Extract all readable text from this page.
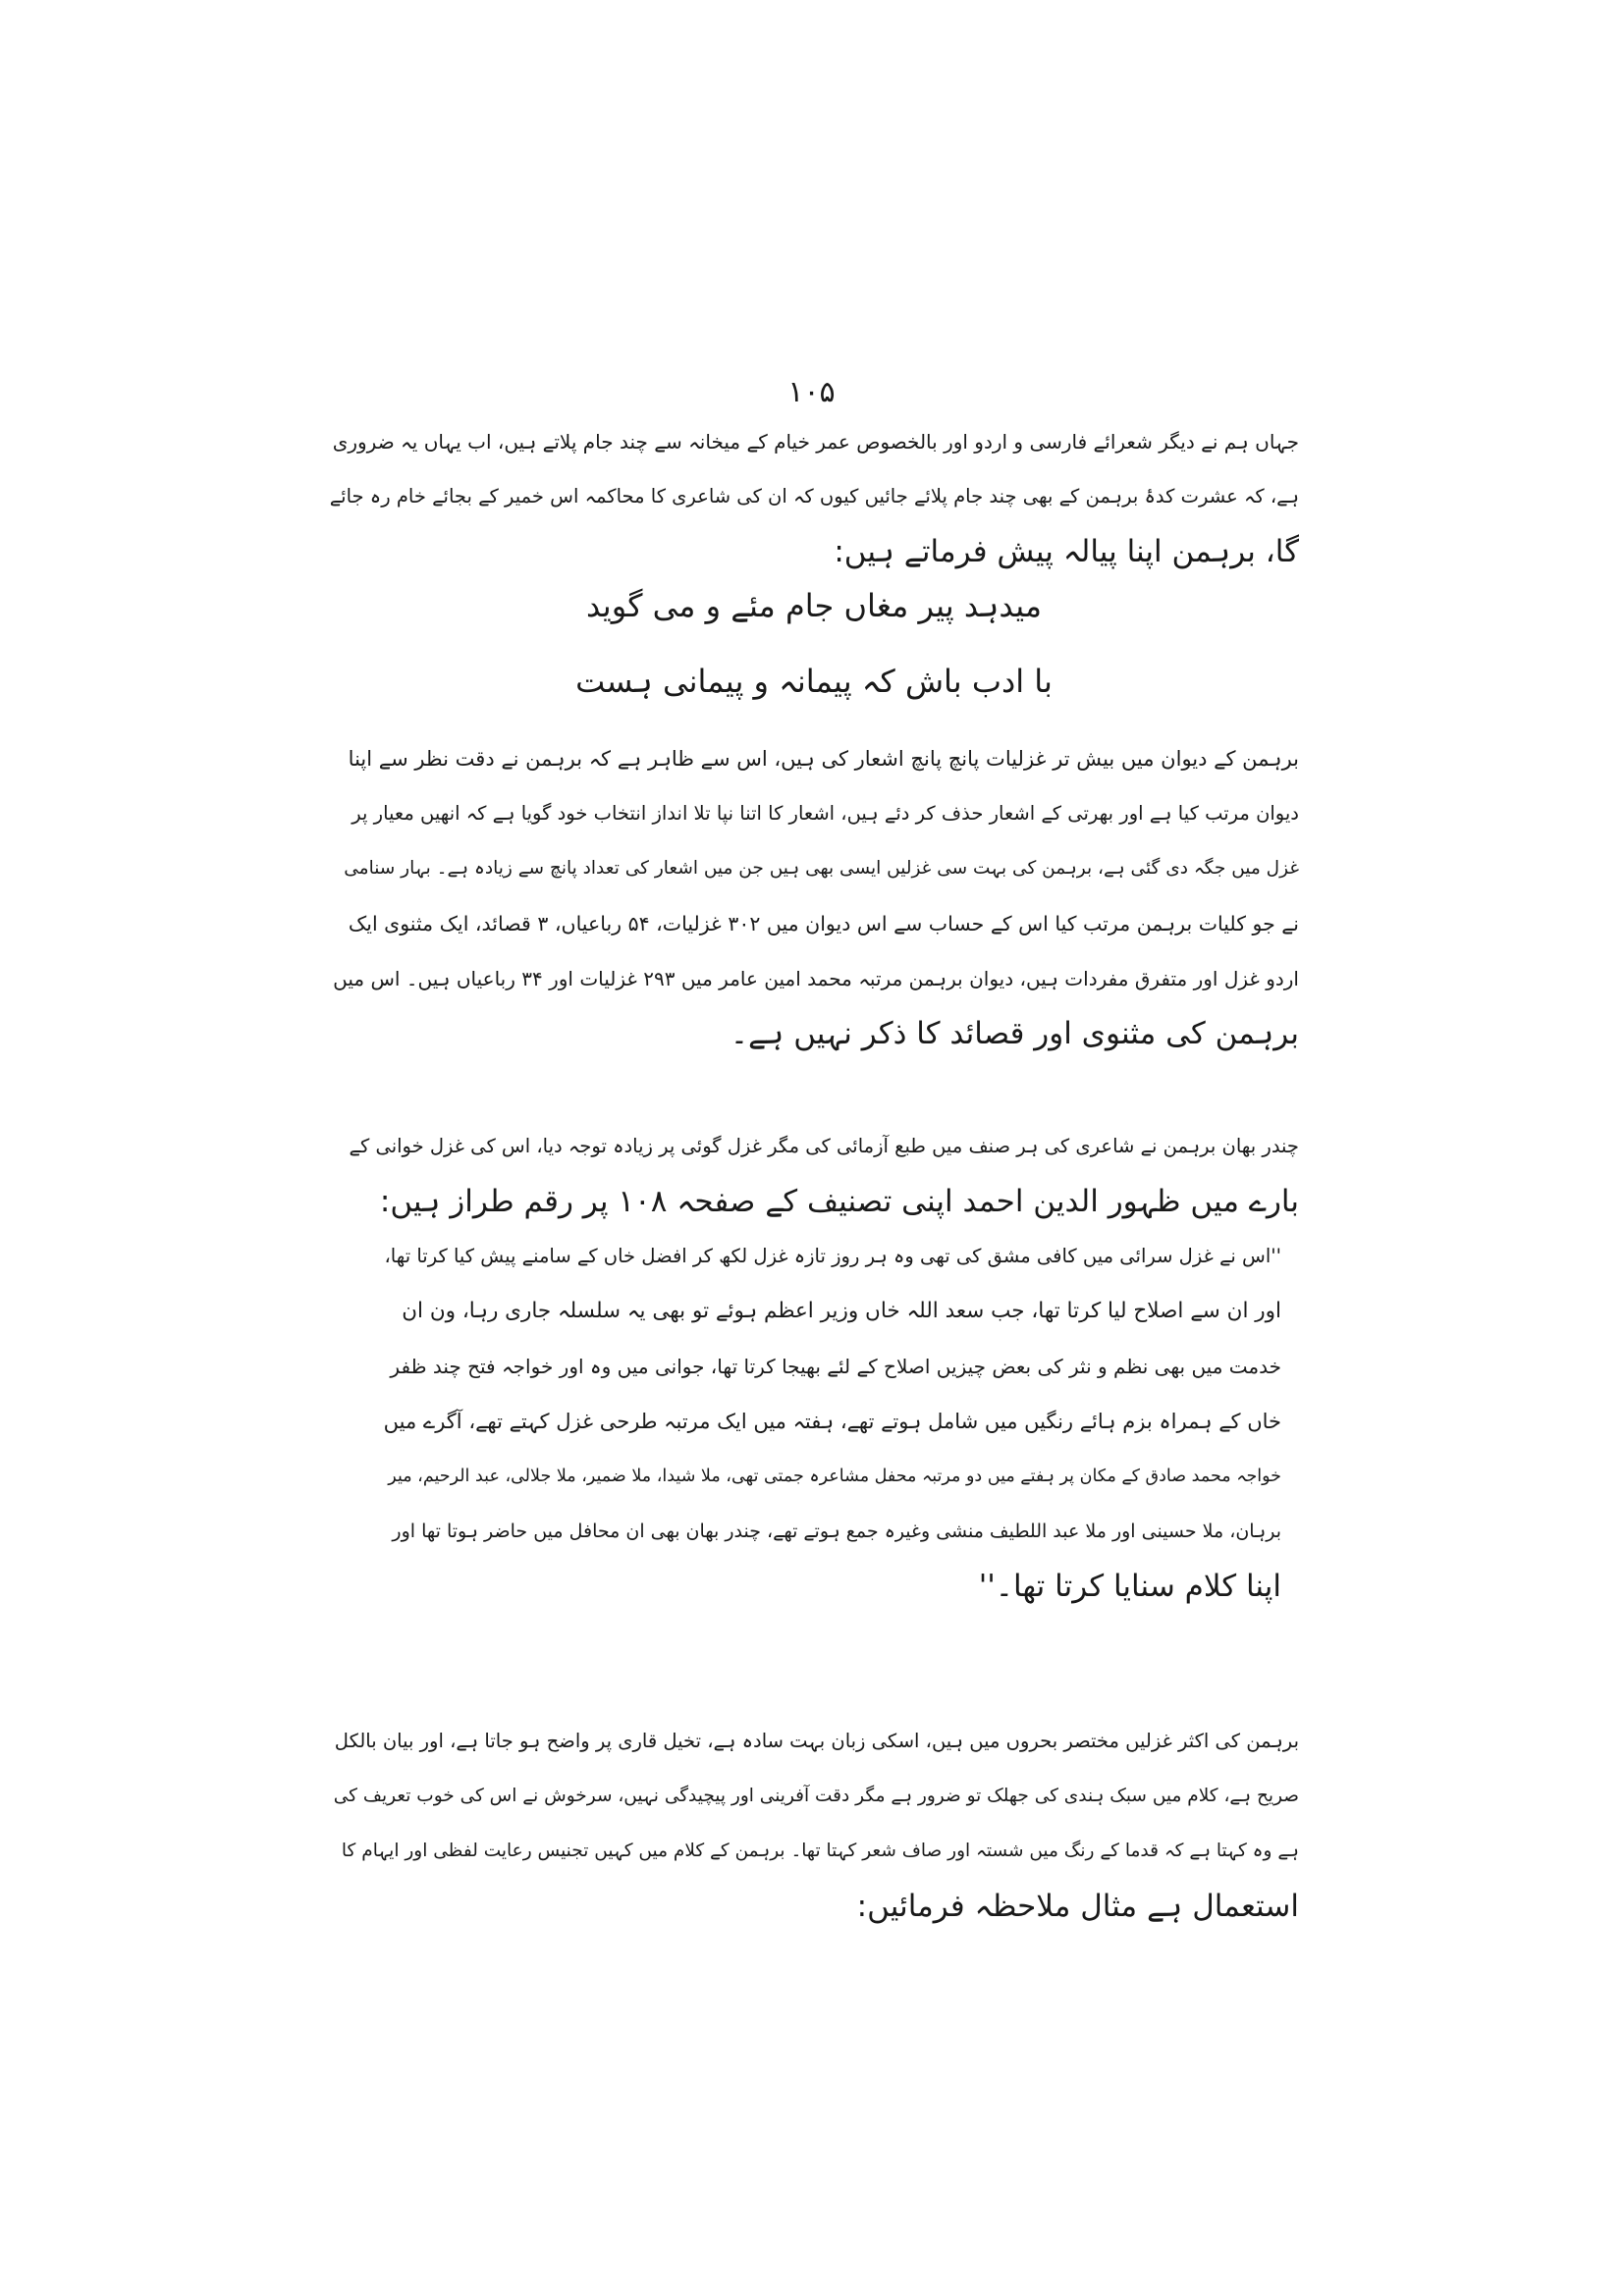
۱۰۵
جہاں ہم نے دیگر شعرائے فارسی و اردو اور بالخصوص عمر خیام کے میخانہ سے چند جام پلاتے ہیں، اب یہاں یہ ضروری
ہے، کہ عشرت کدۂ برہمن کے بھی چند جام پلائے جائیں کیوں کہ ان کی شاعری کا محاکمہ اس خمیر کے بجائے خام رہ جائے
گا، برہمن اپنا پیالہ پیش فرماتے ہیں:
میدہد پیر مغاں جام مئے و می گوید
با ادب باش کہ پیمانہ و پیمانی ہست
برہمن کے دیوان میں بیش تر غزلیات پانچ پانچ اشعار کی ہیں، اس سے ظاہر ہے کہ برہمن نے دقت نظر سے اپنا
دیوان مرتب کیا ہے اور بھرتی کے اشعار حذف کر دئے ہیں، اشعار کا اتنا نپا تلا انداز انتخاب خود گویا ہے کہ انھیں معیار پر
غزل میں جگہ دی گئی ہے، برہمن کی بہت سی غزلیں ایسی بھی ہیں جن میں اشعار کی تعداد پانچ سے زیادہ ہے۔ بہار سنامی
نے جو کلیات برہمن مرتب کیا اس کے حساب سے اس دیوان میں ۳۰۲ غزلیات، ۵۴ رباعیاں، ۳ قصائد، ایک مثنوی ایک
اردو غزل اور متفرق مفردات ہیں، دیوان برہمن مرتبہ محمد امین عامر میں ۲۹۳ غزلیات اور ۳۴ رباعیاں ہیں۔ اس میں
برہمن کی مثنوی اور قصائد کا ذکر نہیں ہے۔
چندر بھان برہمن نے شاعری کی ہر صنف میں طبع آزمائی کی مگر غزل گوئی پر زیادہ توجہ دیا، اس کی غزل خوانی کے
بارے میں ظہور الدین احمد اپنی تصنیف کے صفحہ ۱۰۸ پر رقم طراز ہیں:
''اس نے غزل سرائی میں کافی مشق کی تھی وہ ہر روز تازہ غزل لکھ کر افضل خاں کے سامنے پیش کیا کرتا تھا،
اور ان سے اصلاح لیا کرتا تھا، جب سعد اللہ خاں وزیر اعظم ہوئے تو بھی یہ سلسلہ جاری رہا، ون ان
خدمت میں بھی نظم و نثر کی بعض چیزیں اصلاح کے لئے بھیجا کرتا تھا، جوانی میں وہ اور خواجہ فتح چند ظفر
خاں کے ہمراہ بزم ہائے رنگیں میں شامل ہوتے تھے، ہفتہ میں ایک مرتبہ طرحی غزل کہتے تھے، آگرے میں
خواجہ محمد صادق کے مکان پر ہفتے میں دو مرتبہ محفل مشاعرہ جمتی تھی، ملا شیدا، ملا ضمیر، ملا جلالی، عبد الرحیم، میر
برہان، ملا حسینی اور ملا عبد اللطیف منشی وغیرہ جمع ہوتے تھے، چندر بھان بھی ان محافل میں حاضر ہوتا تھا اور
اپنا کلام سنایا کرتا تھا۔''
برہمن کی اکثر غزلیں مختصر بحروں میں ہیں، اسکی زبان بہت سادہ ہے، تخیل قاری پر واضح ہو جاتا ہے، اور بیان بالکل
صریح ہے، کلام میں سبک ہندی کی جھلک تو ضرور ہے مگر دقت آفرینی اور پیچیدگی نہیں، سرخوش نے اس کی خوب تعریف کی
ہے وہ کہتا ہے کہ قدما کے رنگ میں شستہ اور صاف شعر کہتا تھا۔ برہمن کے کلام میں کہیں تجنیس رعایت لفظی اور ایہام کا
استعمال ہے مثال ملاحظہ فرمائیں:
